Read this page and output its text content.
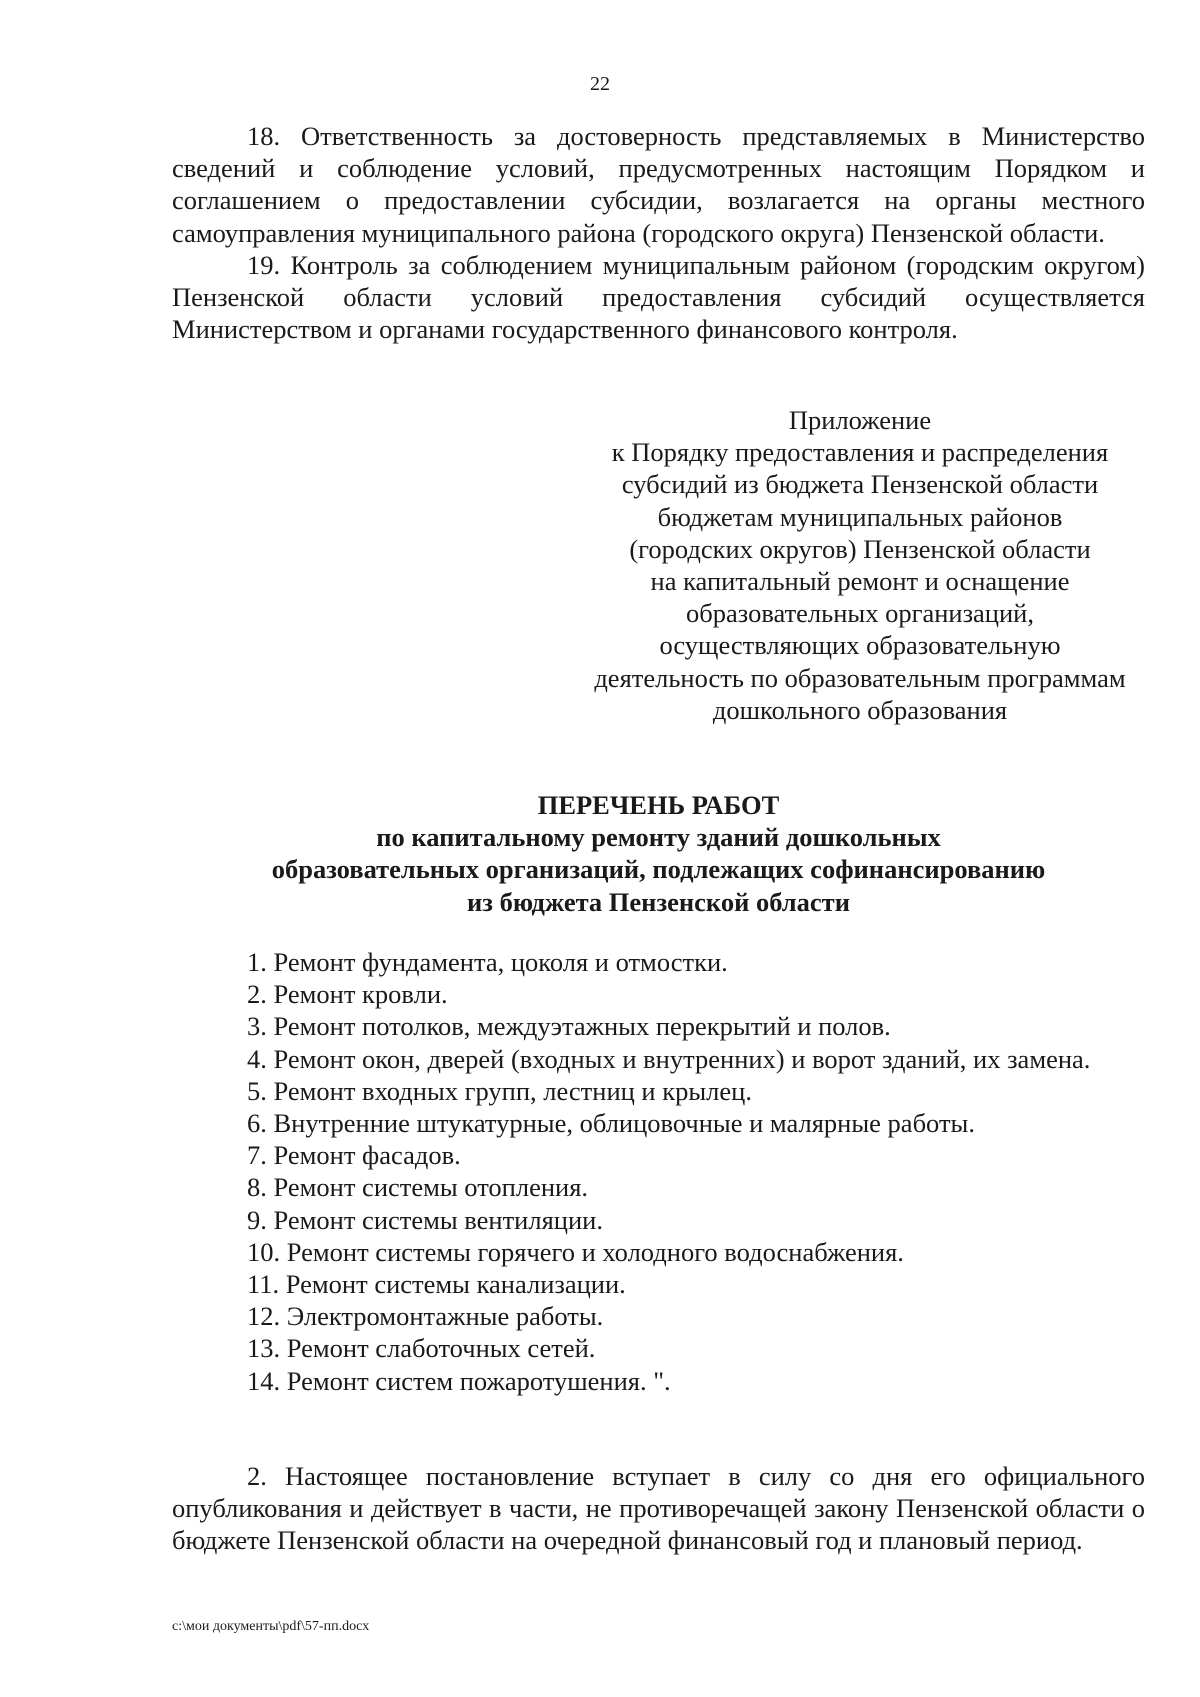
22

18. Ответственность за достоверность представляемых в Министерство сведений и соблюдение условий, предусмотренных настоящим Порядком и соглашением о предоставлении субсидии, возлагается на органы местного самоуправления муниципального района (городского округа) Пензенской области.

19. Контроль за соблюдением муниципальным районом (городским округом) Пензенской области условий предоставления субсидий осуществляется Министерством и органами государственного финансового контроля.

Приложение
к Порядку предоставления и распределения
субсидий из бюджета Пензенской области
бюджетам муниципальных районов
(городских округов) Пензенской области
на капитальный ремонт и оснащение
образовательных организаций,
осуществляющих образовательную
деятельность по образовательным программам
дошкольного образования
ПЕРЕЧЕНЬ РАБОТ
по капитальному ремонту зданий дошкольных
образовательных организаций, подлежащих софинансированию
из бюджета Пензенской области
1. Ремонт фундамента, цоколя и отмостки.
2. Ремонт кровли.
3. Ремонт потолков, междуэтажных перекрытий и полов.
4. Ремонт окон, дверей (входных и внутренних) и ворот зданий, их замена.
5. Ремонт входных групп, лестниц и крылец.
6. Внутренние штукатурные, облицовочные и малярные работы.
7. Ремонт фасадов.
8. Ремонт системы отопления.
9. Ремонт системы вентиляции.
10. Ремонт системы горячего и холодного водоснабжения.
11. Ремонт системы канализации.
12. Электромонтажные работы.
13. Ремонт слаботочных сетей.
14. Ремонт систем пожаротушения. ".

2. Настоящее постановление вступает в силу со дня его официального опубликования и действует в части, не противоречащей закону Пензенской области о бюджете Пензенской области на очередной финансовый год и плановый период.

с:\мои документы\pdf\57-пп.docx
